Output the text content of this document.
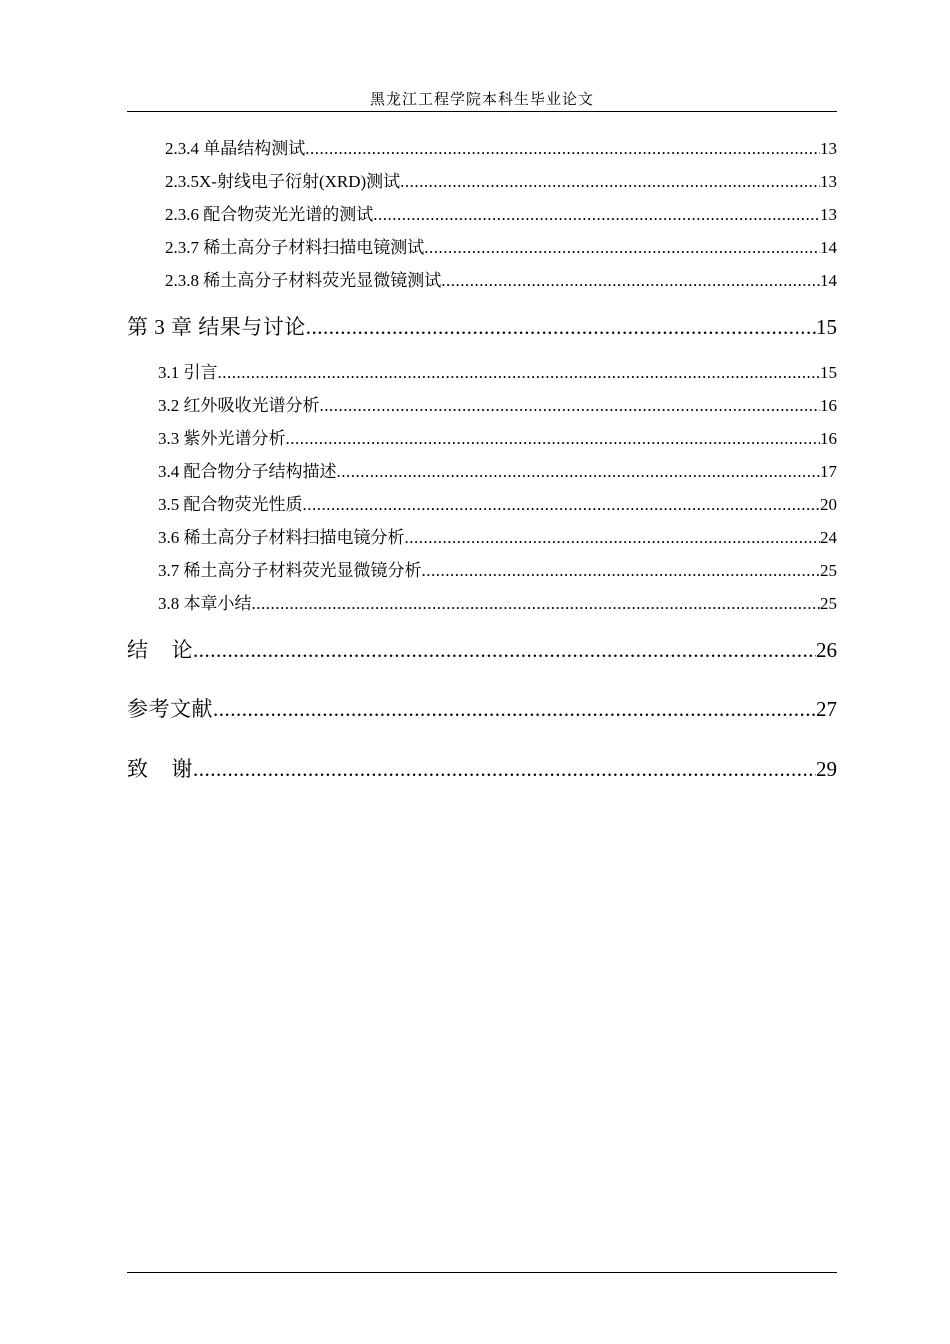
黑龙江工程学院本科生毕业论文
2.3.4 单晶结构测试 .....	13
2.3.5X-射线电子衍射(XRD)测试 .....	13
2.3.6 配合物荧光光谱的测试 .....	13
2.3.7 稀土高分子材料扫描电镜测试 .....	14
2.3.8 稀土高分子材料荧光显微镜测试 .....	14
第 3 章 结果与讨论 .....	15
3.1 引言 .....	15
3.2 红外吸收光谱分析 .....	16
3.3 紫外光谱分析 .....	16
3.4 配合物分子结构描述 .....	17
3.5 配合物荧光性质 .....	20
3.6 稀土高分子材料扫描电镜分析 .....	24
3.7 稀土高分子材料荧光显微镜分析 .....	25
3.8 本章小结 .....	25
结    论 .....	26
参考文献 .....	27
致    谢 .....	29
